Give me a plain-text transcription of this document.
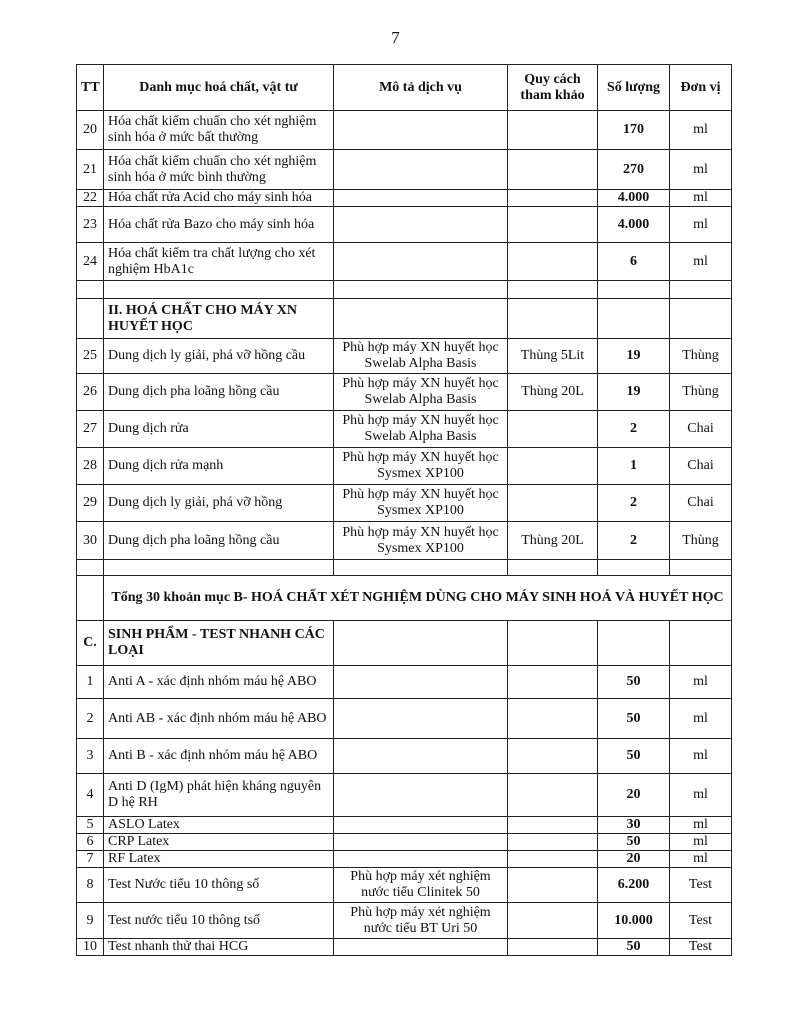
7
TT	Danh mục hoá chất, vật tư	Mô tả dịch vụ	Quy cách tham khảo	Số lượng	Đơn vị
20	Hóa chất kiểm chuẩn cho xét nghiệm sinh hóa ở mức bất thường			170	ml
21	Hóa chất kiểm chuẩn cho xét nghiệm sinh hóa ở mức bình thường			270	ml
22	Hóa chất rửa Acid cho máy sinh hóa			4.000	ml
23	Hóa chất rửa Bazo cho máy sinh hóa			4.000	ml
24	Hóa chất kiểm tra chất lượng cho xét nghiệm HbA1c			6	ml

	II. HOÁ CHẤT CHO MÁY XN HUYẾT HỌC				
25	Dung dịch ly giải, phá vỡ hồng cầu	Phù hợp máy XN huyết học Swelab Alpha Basis	Thùng 5Lit	19	Thùng
26	Dung dịch pha loãng hồng cầu	Phù hợp máy XN huyết học Swelab Alpha Basis	Thùng 20L	19	Thùng
27	Dung dịch rửa	Phù hợp máy XN huyết học Swelab Alpha Basis		2	Chai
28	Dung dịch rửa mạnh	Phù hợp máy XN huyết học Sysmex XP100		1	Chai
29	Dung dịch ly giải, phá vỡ hồng	Phù hợp máy XN huyết học Sysmex XP100		2	Chai
30	Dung dịch pha loãng hồng cầu	Phù hợp máy XN huyết học Sysmex XP100	Thùng 20L	2	Thùng

	Tổng 30 khoản mục B- HOÁ CHẤT XÉT NGHIỆM DÙNG CHO MÁY SINH HOÁ VÀ HUYẾT HỌC				
C.	SINH PHẨM - TEST NHANH CÁC LOẠI				
1	Anti A - xác định nhóm máu hệ ABO			50	ml
2	Anti AB - xác định nhóm máu hệ ABO			50	ml
3	Anti B - xác định nhóm máu hệ ABO			50	ml
4	Anti D (IgM) phát hiện kháng nguyên D hệ RH			20	ml
5	ASLO Latex			30	ml
6	CRP Latex			50	ml
7	RF Latex			20	ml
8	Test Nước tiểu 10 thông số	Phù hợp máy xét nghiệm nước tiểu Clinitek 50		6.200	Test
9	Test nước tiểu 10 thông tsố	Phù hợp máy xét nghiệm nước tiểu BT Uri 50		10.000	Test
10	Test nhanh thử thai HCG			50	Test
